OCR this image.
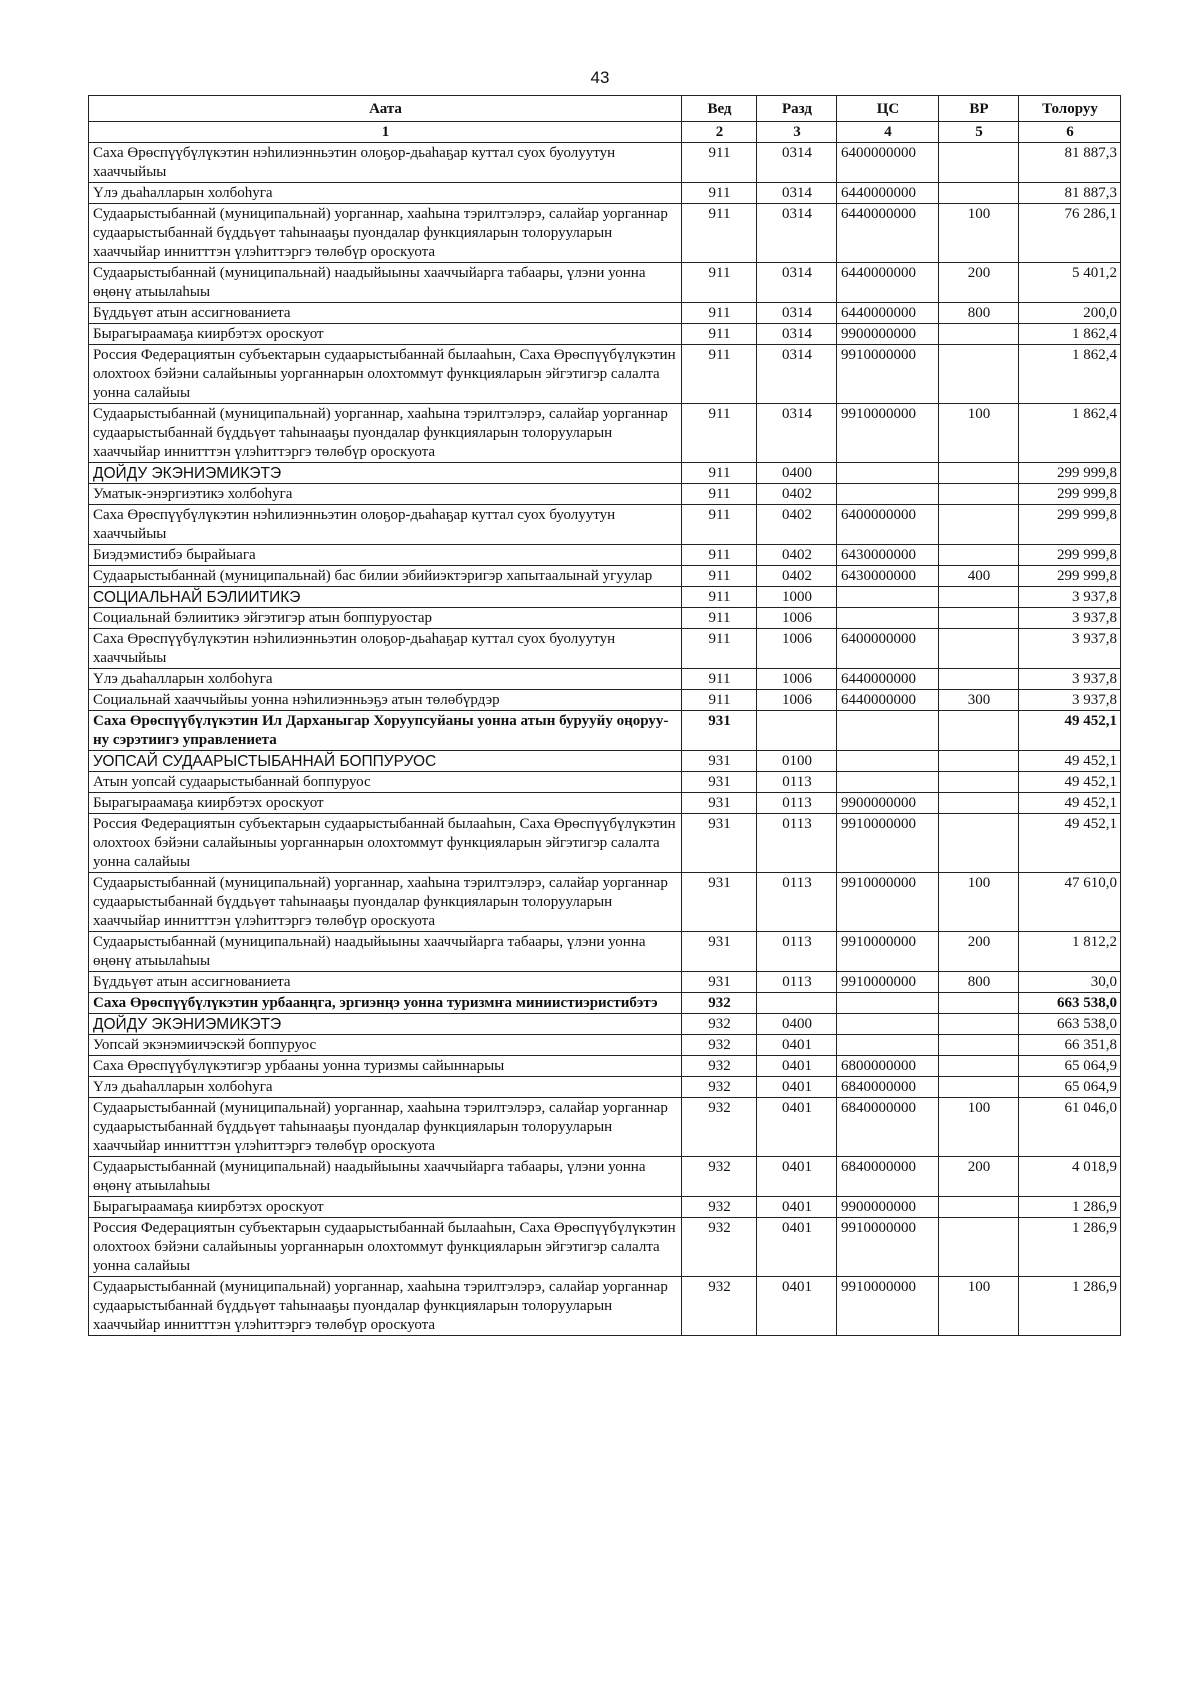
43
Аата	Вед	Разд	ЦС	ВР	Толоруу
1	2	3	4	5	6
Саха Өрөспүүбүлүкэтин нэһилиэнньэтин олоҕор-дьаһаҕар куттал суох буолуутун хааччыйыы	911	0314	6400000000		81 887,3
Үлэ дьаһалларын холбоһуга	911	0314	6440000000		81 887,3
Судаарыстыбаннай (муниципальнай) уорганнар, хааһына тэрилтэлэрэ, салайар уорганнар судаарыстыбаннай бүддьүөт таһынааҕы пуондалар функцияларын толорууларын хааччыйар иннитттэн үлэһиттэргэ төлөбүр ороскуота	911	0314	6440000000	100	76 286,1
Судаарыстыбаннай (муниципальнай) наадыйыыны хааччыйарга табаары, үлэни уонна өңөнү атыылаһыы	911	0314	6440000000	200	5 401,2
Бүддьүөт атын ассигнованиета	911	0314	6440000000	800	200,0
Бырагыраамаҕа киирбэтэх ороскуот	911	0314	9900000000		1 862,4
Россия Федерациятын субъектарын судаарыстыбаннай былааһын, Саха Өрөспүүбүлүкэтин олохтоох бэйэни салайыныы уорганнарын олохтоммут функцияларын эйгэтигэр салалта уонна салайыы	911	0314	9910000000		1 862,4
Судаарыстыбаннай (муниципальнай) уорганнар, хааһына тэрилтэлэрэ, салайар уорганнар судаарыстыбаннай бүддьүөт таһынааҕы пуондалар функцияларын толорууларын хааччыйар иннитттэн үлэһиттэргэ төлөбүр ороскуота	911	0314	9910000000	100	1 862,4
ДОЙДУ ЭКЭНИЭМИКЭТЭ	911	0400			299 999,8
Уматык-энэргиэтикэ холбоһуга	911	0402			299 999,8
Саха Өрөспүүбүлүкэтин нэһилиэнньэтин олоҕор-дьаһаҕар куттал суох буолуутун хааччыйыы	911	0402	6400000000		299 999,8
Биэдэмистибэ бырайыага	911	0402	6430000000		299 999,8
Судаарыстыбаннай (муниципальнай) бас билии эбийиэктэригэр хапытаалынай угуулар	911	0402	6430000000	400	299 999,8
СОЦИАЛЬНАЙ БЭЛИИТИКЭ	911	1000			3 937,8
Социальнай бэлиитикэ эйгэтигэр атын боппуруостар	911	1006			3 937,8
Саха Өрөспүүбүлүкэтин нэһилиэнньэтин олоҕор-дьаһаҕар куттал суох буолуутун хааччыйыы	911	1006	6400000000		3 937,8
Үлэ дьаһалларын холбоһуга	911	1006	6440000000		3 937,8
Социальнай хааччыйыы уонна нэһилиэнньэҕэ атын төлөбүрдэр	911	1006	6440000000	300	3 937,8
Саха Өрөспүүбүлүкэтин Ил Дарханыгар Хоруупсуйаны уонна атын бурууйу оңорууну сэрэтиигэ управлениета	931				49 452,1
УОПСАЙ СУДААРЫСТЫБАННАЙ БОППУРУОС	931	0100			49 452,1
Атын уопсай судаарыстыбаннай боппуруос	931	0113			49 452,1
Бырагыраамаҕа киирбэтэх ороскуот	931	0113	9900000000		49 452,1
Россия Федерациятын субъектарын судаарыстыбаннай былааһын, Саха Өрөспүүбүлүкэтин олохтоох бэйэни салайыныы уорганнарын олохтоммут функцияларын эйгэтигэр салалта уонна салайыы	931	0113	9910000000		49 452,1
Судаарыстыбаннай (муниципальнай) уорганнар, хааһына тэрилтэлэрэ, салайар уорганнар судаарыстыбаннай бүддьүөт таһынааҕы пуондалар функцияларын толорууларын хааччыйар иннитттэн үлэһиттэргэ төлөбүр ороскуота	931	0113	9910000000	100	47 610,0
Судаарыстыбаннай (муниципальнай) наадыйыыны хааччыйарга табаары, үлэни уонна өңөнү атыылаһыы	931	0113	9910000000	200	1 812,2
Бүддьүөт атын ассигнованиета	931	0113	9910000000	800	30,0
Саха Өрөспүүбүлүкэтин урбаанңга, эргиэнңэ уонна туризмҥа миниистиэристибэтэ	932				663 538,0
ДОЙДУ ЭКЭНИЭМИКЭТЭ	932	0400			663 538,0
Уопсай экэнэмиичэскэй боппуруос	932	0401			66 351,8
Саха Өрөспүүбүлүкэтигэр урбааны уонна туризмы сайыннарыы	932	0401	6800000000		65 064,9
Үлэ дьаһалларын холбоһуга	932	0401	6840000000		65 064,9
Судаарыстыбаннай (муниципальнай) уорганнар, хааһына тэрилтэлэрэ, салайар уорганнар судаарыстыбаннай бүддьүөт таһынааҕы пуондалар функцияларын толорууларын хааччыйар иннитттэн үлэһиттэргэ төлөбүр ороскуота	932	0401	6840000000	100	61 046,0
Судаарыстыбаннай (муниципальнай) наадыйыыны хааччыйарга табаары, үлэни уонна өңөнү атыылаһыы	932	0401	6840000000	200	4 018,9
Бырагыраамаҕа киирбэтэх ороскуот	932	0401	9900000000		1 286,9
Россия Федерациятын субъектарын судаарыстыбаннай былааһын, Саха Өрөспүүбүлүкэтин олохтоох бэйэни салайыныы уорганнарын олохтоммут функцияларын эйгэтигэр салалта уонна салайыы	932	0401	9910000000		1 286,9
Судаарыстыбаннай (муниципальнай) уорганнар, хааһына тэрилтэлэрэ, салайар уорганнар судаарыстыбаннай бүддьүөт таһынааҕы пуондалар функцияларын толорууларын хааччыйар иннитттэн үлэһиттэргэ төлөбүр ороскуота	932	0401	9910000000	100	1 286,9
